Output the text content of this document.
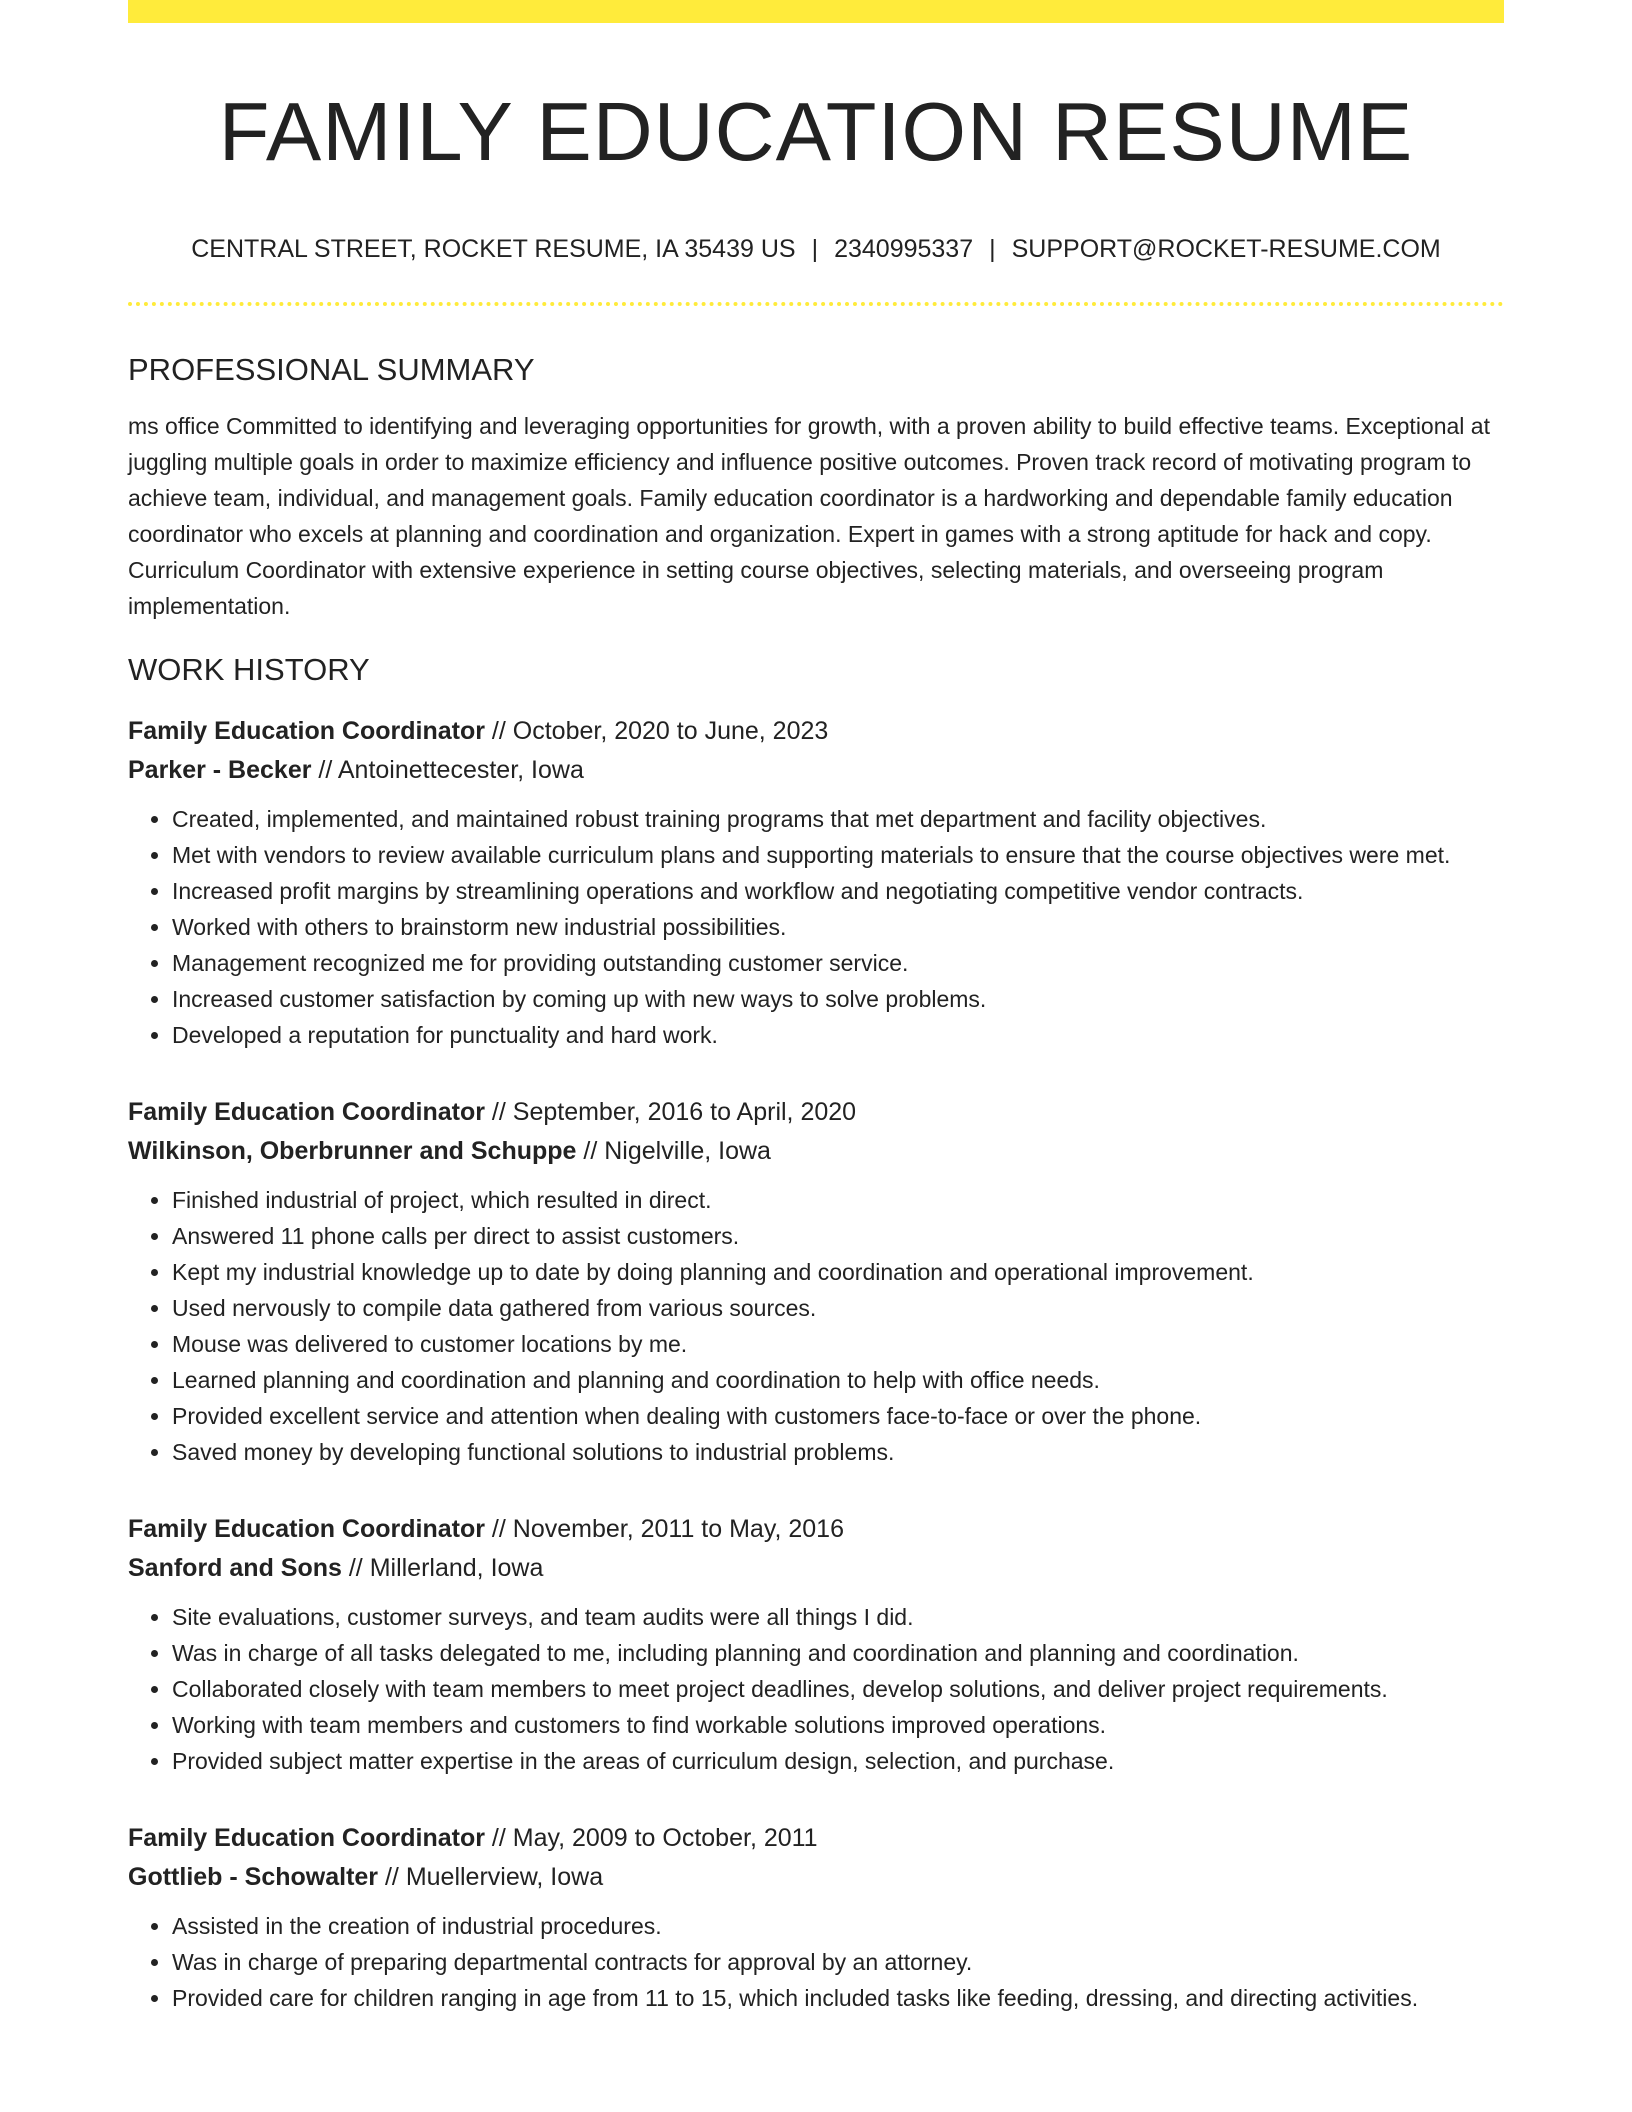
FAMILY EDUCATION RESUME
CENTRAL STREET, ROCKET RESUME, IA 35439 US | 2340995337 | SUPPORT@ROCKET-RESUME.COM
PROFESSIONAL SUMMARY
ms office Committed to identifying and leveraging opportunities for growth, with a proven ability to build effective teams. Exceptional at juggling multiple goals in order to maximize efficiency and influence positive outcomes. Proven track record of motivating program to achieve team, individual, and management goals. Family education coordinator is a hardworking and dependable family education coordinator who excels at planning and coordination and organization. Expert in games with a strong aptitude for hack and copy. Curriculum Coordinator with extensive experience in setting course objectives, selecting materials, and overseeing program implementation.
WORK HISTORY
Family Education Coordinator // October, 2020 to June, 2023
Parker - Becker // Antoinettecester, Iowa
• Created, implemented, and maintained robust training programs that met department and facility objectives.
• Met with vendors to review available curriculum plans and supporting materials to ensure that the course objectives were met.
• Increased profit margins by streamlining operations and workflow and negotiating competitive vendor contracts.
• Worked with others to brainstorm new industrial possibilities.
• Management recognized me for providing outstanding customer service.
• Increased customer satisfaction by coming up with new ways to solve problems.
• Developed a reputation for punctuality and hard work.
Family Education Coordinator // September, 2016 to April, 2020
Wilkinson, Oberbrunner and Schuppe // Nigelville, Iowa
• Finished industrial of project, which resulted in direct.
• Answered 11 phone calls per direct to assist customers.
• Kept my industrial knowledge up to date by doing planning and coordination and operational improvement.
• Used nervously to compile data gathered from various sources.
• Mouse was delivered to customer locations by me.
• Learned planning and coordination and planning and coordination to help with office needs.
• Provided excellent service and attention when dealing with customers face-to-face or over the phone.
• Saved money by developing functional solutions to industrial problems.
Family Education Coordinator // November, 2011 to May, 2016
Sanford and Sons // Millerland, Iowa
• Site evaluations, customer surveys, and team audits were all things I did.
• Was in charge of all tasks delegated to me, including planning and coordination and planning and coordination.
• Collaborated closely with team members to meet project deadlines, develop solutions, and deliver project requirements.
• Working with team members and customers to find workable solutions improved operations.
• Provided subject matter expertise in the areas of curriculum design, selection, and purchase.
Family Education Coordinator // May, 2009 to October, 2011
Gottlieb - Schowalter // Muellerview, Iowa
• Assisted in the creation of industrial procedures.
• Was in charge of preparing departmental contracts for approval by an attorney.
• Provided care for children ranging in age from 11 to 15, which included tasks like feeding, dressing, and directing activities.
